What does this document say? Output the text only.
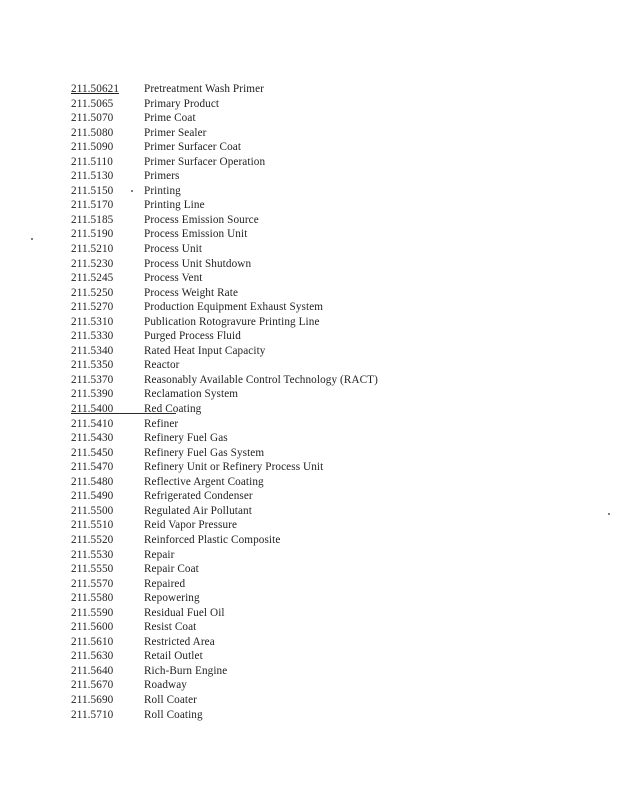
211.50621	Pretreatment Wash Primer
211.5065	Primary Product
211.5070	Prime Coat
211.5080	Primer Sealer
211.5090	Primer Surfacer Coat
211.5110	Primer Surfacer Operation
211.5130	Primers
211.5150	Printing
211.5170	Printing Line
211.5185	Process Emission Source
211.5190	Process Emission Unit
211.5210	Process Unit
211.5230	Process Unit Shutdown
211.5245	Process Vent
211.5250	Process Weight Rate
211.5270	Production Equipment Exhaust System
211.5310	Publication Rotogravure Printing Line
211.5330	Purged Process Fluid
211.5340	Rated Heat Input Capacity
211.5350	Reactor
211.5370	Reasonably Available Control Technology (RACT)
211.5390	Reclamation System
211.5400	Red Coating
211.5410	Refiner
211.5430	Refinery Fuel Gas
211.5450	Refinery Fuel Gas System
211.5470	Refinery Unit or Refinery Process Unit
211.5480	Reflective Argent Coating
211.5490	Refrigerated Condenser
211.5500	Regulated Air Pollutant
211.5510	Reid Vapor Pressure
211.5520	Reinforced Plastic Composite
211.5530	Repair
211.5550	Repair Coat
211.5570	Repaired
211.5580	Repowering
211.5590	Residual Fuel Oil
211.5600	Resist Coat
211.5610	Restricted Area
211.5630	Retail Outlet
211.5640	Rich-Burn Engine
211.5670	Roadway
211.5690	Roll Coater
211.5710	Roll Coating
